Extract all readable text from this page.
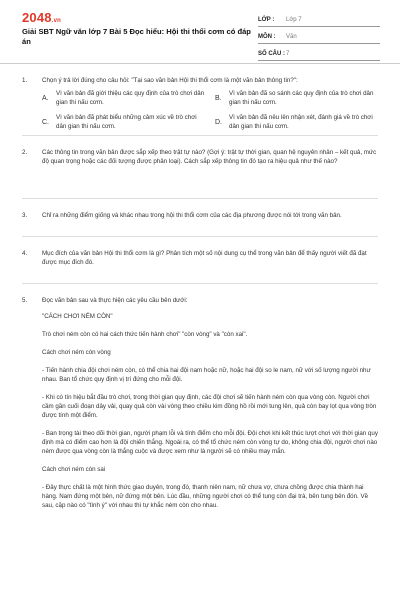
2048.vn
Giải SBT Ngữ văn lớp 7 Bài 5 Đọc hiểu: Hội thi thổi cơm có đáp án
LỚP :	Lớp 7
MÔN :	Văn
SỐ CÂU : 7
1. Chọn ý trả lời đúng cho câu hỏi: "Tại sao văn bản Hội thi thổi cơm là một văn bản thông tin?":
A.
Vì văn bản đã giới thiệu các quy định của trò chơi dân gian thi nấu cơm.
B.
Vì văn bản đã so sánh các quy định của trò chơi dân gian thi nấu cơm.
C.
Vì văn bản đã phát biểu những cảm xúc về trò chơi dân gian thi nấu cơm.
D.
Vì văn bản đã nêu lên nhận xét, đánh giá về trò chơi dân gian thi nấu cơm.
2. Các thông tin trong văn bản được sắp xếp theo trật tự nào? (Gợi ý: trật tự thời gian, quan hệ nguyên nhân – kết quả, mức độ quan trọng hoặc các đối tượng được phân loại). Cách sắp xếp thông tin đó tạo ra hiệu quả như thế nào?
3. Chỉ ra những điểm giống và khác nhau trong hội thi thổi cơm của các địa phương được nói tới trong văn bản.
4. Mục đích của văn bản Hội thi thổi cơm là gì? Phân tích một số nội dung cụ thể trong văn bản để thấy người viết đã đạt được mục đích đó.
5. Đọc văn bản sau và thực hiện các yêu cầu bên dưới:

"CÁCH CHƠI NÉM CÒN"

Trò chơi ném còn có hai cách thức tiến hành chơi" "còn vòng" và "còn xai".

Cách chơi ném còn vòng

- Tiến hành chia đội chơi ném còn, có thể chia hai đội nam hoặc nữ, hoặc hai đội so le nam, nữ với số lượng người như nhau. Ban tổ chức quy định vị trí đứng cho mỗi đội.

- Khi có tín hiệu bắt đầu trò chơi, trong thời gian quy định, các đội chơi sẽ tiến hành ném còn qua vòng còn. Người chơi cầm gần cuối đoạn dây vải, quay quả còn vài vòng theo chiều kim đồng hồ rồi mới tung lên, quả còn bay lọt qua vòng tròn được tính một điểm.

- Ban trọng tài theo dõi thời gian, người phạm lỗi và tính điểm cho mỗi đội. Đội chơi khi kết thúc lượt chơi với thời gian quy định mà có điểm cao hơn là đội chiến thắng. Ngoài ra, có thể tổ chức ném còn vòng tự do, không chia đội, người chơi nào ném được qua vòng còn là thắng cuộc và được xem như là người sẽ có nhiều may mắn.

Cách chơi ném còn sai

- Đây thực chất là một hình thức giao duyên, trong đó, thanh niên nam, nữ chưa vợ, chưa chồng được chia thành hai hàng. Nam đứng một bên, nữ đứng một bên. Lúc đầu, những người chơi có thể tung còn đại trà, bên tung bên đón. Về sau, cặp nào có "tình ý" với nhau thì tự khắc ném còn cho nhau.
